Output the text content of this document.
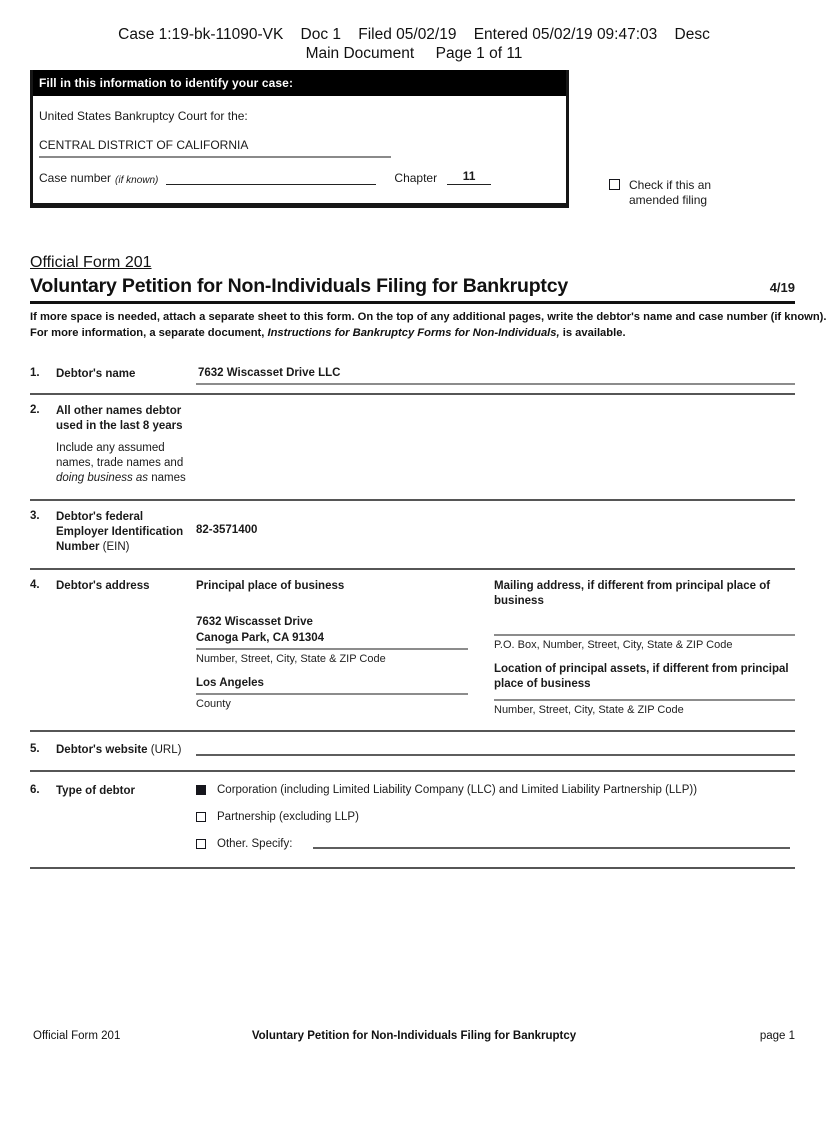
Case 1:19-bk-11090-VK    Doc 1    Filed 05/02/19    Entered 05/02/19 09:47:03    Desc
Main Document     Page 1 of 11
Fill in this information to identify your case:
United States Bankruptcy Court for the:
CENTRAL DISTRICT OF CALIFORNIA
Case number (if known)	Chapter	11
Check if this an
amended filing
Official Form 201
Voluntary Petition for Non-Individuals Filing for Bankruptcy	4/19
If more space is needed, attach a separate sheet to this form. On the top of any additional pages, write the debtor's name and case number (if known).
For more information, a separate document, Instructions for Bankruptcy Forms for Non-Individuals, is available.
1.	Debtor's name	7632 Wiscasset Drive LLC
2.	All other names debtor used in the last 8 years
Include any assumed names, trade names and doing business as names
3.	Debtor's federal Employer Identification Number (EIN)
82-3571400
4.	Debtor's address	Principal place of business
7632 Wiscasset Drive
Canoga Park, CA 91304
Number, Street, City, State & ZIP Code
Los Angeles
County
Mailing address, if different from principal place of business
P.O. Box, Number, Street, City, State & ZIP Code
Location of principal assets, if different from principal place of business
Number, Street, City, State & ZIP Code
5.	Debtor's website (URL)
6.	Type of debtor	Corporation (including Limited Liability Company (LLC) and Limited Liability Partnership (LLP))
Partnership (excluding LLP)
Other. Specify:
Official Form 201	Voluntary Petition for Non-Individuals Filing for Bankruptcy	page 1
